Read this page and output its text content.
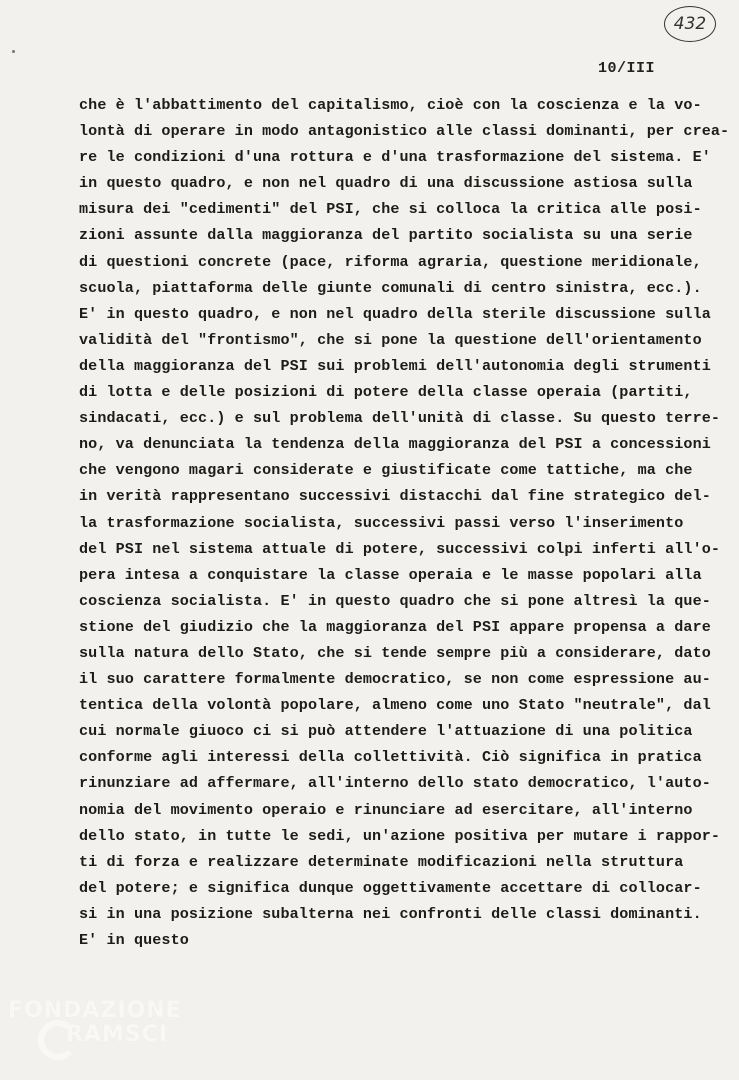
432
10/III
che è l'abbattimento del capitalismo, cioè con la coscienza e la vo-
lontà di operare in modo antagonistico alle classi dominanti, per crea-
re le condizioni d'una rottura e d'una trasformazione del sistema. E'
in questo quadro, e non nel quadro di una discussione astiosa sulla
misura dei "cedimenti" del PSI, che si colloca la critica alle posi-
zioni assunte dalla maggioranza del partito socialista su una serie
di questioni concrete (pace, riforma agraria, questione meridionale,
scuola, piattaforma delle giunte comunali di centro sinistra, ecc.).
E' in questo quadro, e non nel quadro della sterile discussione sulla
validità del "frontismo", che si pone la questione dell'orientamento
della maggioranza del PSI sui problemi dell'autonomia degli strumenti
di lotta e delle posizioni di potere della classe operaia (partiti,
sindacati, ecc.) e sul problema dell'unità di classe. Su questo terre-
no, va denunciata la tendenza della maggioranza del PSI a concessioni
che vengono magari considerate e giustificate come tattiche, ma che
in verità rappresentano successivi distacchi dal fine strategico del-
la trasformazione socialista, successivi passi verso l'inserimento
del PSI nel sistema attuale di potere, successivi colpi inferti all'o-
pera intesa a conquistare la classe operaia e le masse popolari alla
coscienza socialista. E' in questo quadro che si pone altresì la que-
stione del giudizio che la maggioranza del PSI appare propensa a dare
sulla natura dello Stato, che si tende sempre più a considerare, dato
il suo carattere formalmente democratico, se non come espressione au-
tentica della volontà popolare, almeno come uno Stato "neutrale", dal
cui normale giuoco ci si può attendere l'attuazione di una politica
conforme agli interessi della collettività. Ciò significa in pratica
rinunziare ad affermare, all'interno dello stato democratico, l'auto-
nomia del movimento operaio e rinunciare ad esercitare, all'interno
dello stato, in tutte le sedi, un'azione positiva per mutare i rappor-
ti di forza e realizzare determinate modificazioni nella struttura
del potere; e significa dunque oggettivamente accettare di collocar-
si in una posizione subalterna nei confronti delle classi dominanti.
E' in questo
FONDAZIONE
RAMSCI
